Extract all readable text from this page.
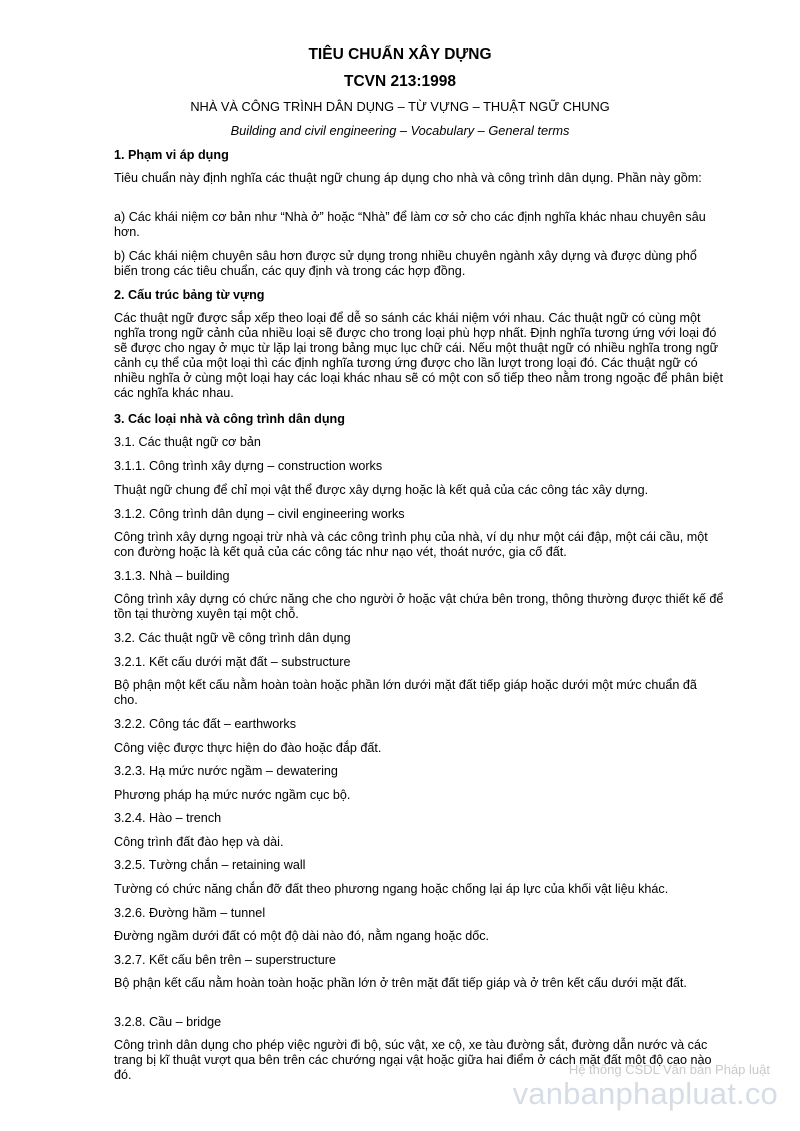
TIÊU CHUẨN XÂY DỰNG
TCVN 213:1998
NHÀ VÀ CÔNG TRÌNH DÂN DỤNG – TỪ VỰNG – THUẬT NGỮ CHUNG
Building and civil engineering – Vocabulary – General terms

1. Phạm vi áp dụng

Tiêu chuẩn này định nghĩa các thuật ngữ chung áp dụng cho nhà và công trình dân dụng. Phần này gồm:

a) Các khái niệm cơ bản như “Nhà ở” hoặc “Nhà” để làm cơ sở cho các định nghĩa khác nhau chuyên sâu hơn.

b) Các khái niệm chuyên sâu hơn được sử dụng trong nhiều chuyên ngành xây dựng và được dùng phổ biến trong các tiêu chuẩn, các quy định và trong các hợp đồng.

2. Cấu trúc bảng từ vựng

Các thuật ngữ được sắp xếp theo loại để dễ so sánh các khái niệm với nhau. Các thuật ngữ có cùng một nghĩa trong ngữ cảnh của nhiều loại sẽ được cho trong loại phù hợp nhất. Định nghĩa tương ứng với loại đó sẽ được cho ngay ở mục từ lặp lại trong bảng mục lục chữ cái. Nếu một thuật ngữ có nhiều nghĩa trong ngữ cảnh cụ thể của một loại thì các định nghĩa tương ứng được cho lần lượt trong loại đó. Các thuật ngữ có nhiều nghĩa ở cùng một loại hay các loại khác nhau sẽ có một con số tiếp theo nằm trong ngoặc để phân biệt các nghĩa khác nhau.

3. Các loại nhà và công trình dân dụng

3.1. Các thuật ngữ cơ bản

3.1.1. Công trình xây dựng – construction works

Thuật ngữ chung để chỉ mọi vật thể được xây dựng hoặc là kết quả của các công tác xây dựng.

3.1.2. Công trình dân dụng – civil engineering works

Công trình xây dựng ngoại trừ nhà và các công trình phụ của nhà, ví dụ như một cái đập, một cái cầu, một con đường hoặc là kết quả của các công tác như nạo vét, thoát nước, gia cố đất.

3.1.3. Nhà – building

Công trình xây dựng có chức năng che cho người ở hoặc vật chứa bên trong, thông thường được thiết kế để tồn tại thường xuyên tại một chỗ.

3.2. Các thuật ngữ về công trình dân dụng

3.2.1. Kết cấu dưới mặt đất – substructure

Bộ phận một kết cấu nằm hoàn toàn hoặc phần lớn dưới mặt đất tiếp giáp hoặc dưới một mức chuẩn đã cho.

3.2.2. Công tác đất – earthworks

Công việc được thực hiện do đào hoặc đắp đất.

3.2.3. Hạ mức nước ngầm – dewatering

Phương pháp hạ mức nước ngầm cục bộ.

3.2.4. Hào – trench

Công trình đất đào hẹp và dài.

3.2.5. Tường chắn – retaining wall

Tường có chức năng chắn đỡ đất theo phương ngang hoặc chống lại áp lực của khối vật liệu khác.

3.2.6. Đường hầm – tunnel

Đường ngầm dưới đất có một độ dài nào đó, nằm ngang hoặc dốc.

3.2.7. Kết cấu bên trên – superstructure

Bộ phận kết cấu nằm hoàn toàn hoặc phần lớn ở trên mặt đất tiếp giáp và ở trên kết cấu dưới mặt đất.

3.2.8. Cầu – bridge

Công trình dân dụng cho phép việc người đi bộ, súc vật, xe cộ, xe tàu đường sắt, đường dẫn nước và các trang bị kĩ thuật vượt qua bên trên các chướng ngại vật hoặc giữa hai điểm ở cách mặt đất một độ cao nào đó.	Hệ thống CSDL Văn bản Pháp luật
vanbanphapluat.co
